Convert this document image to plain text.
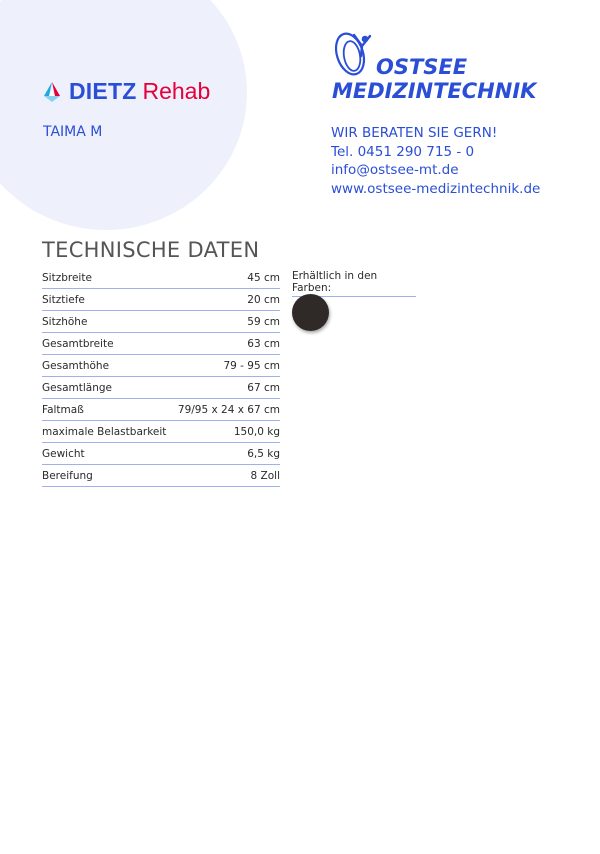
DIETZ Rehab
TAIMA M
OSTSEE
MEDIZINTECHNIK
WIR BERATEN SIE GERN!
Tel. 0451 290 715 - 0
info@ostsee-mt.de
www.ostsee-medizintechnik.de
TECHNISCHE DATEN
Sitzbreite	45 cm
Sitztiefe	20 cm
Sitzhöhe	59 cm
Gesamtbreite	63 cm
Gesamthöhe	79 - 95 cm
Gesamtlänge	67 cm
Faltmaß	79/95 x 24 x 67 cm
maximale Belastbarkeit	150,0 kg
Gewicht	6,5 kg
Bereifung	8 Zoll
Erhältlich in den Farben:
